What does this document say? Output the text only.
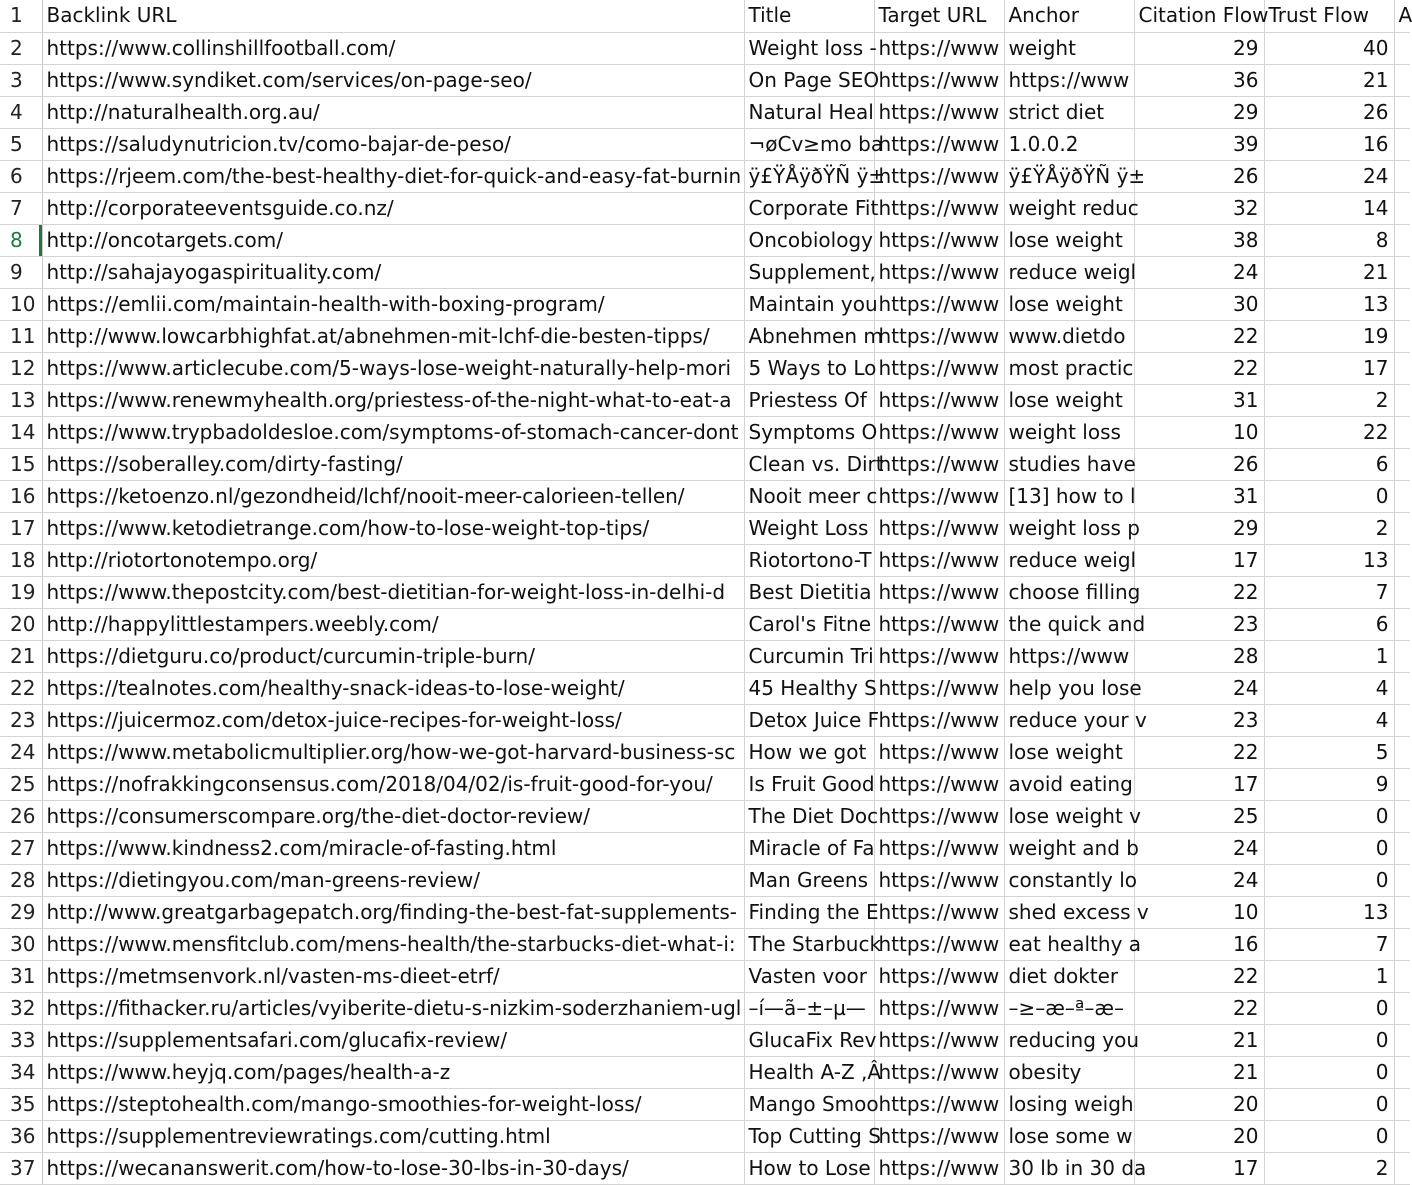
1	Backlink URL	Title	Target URL	Anchor	Citation Flow	Trust Flow	A
2	https://www.collinshillfootball.com/	Weight loss -	https://www	weight	29	40	
3	https://www.syndiket.com/services/on-page-seo/	On Page SEO	https://www	https://www	36	21	
4	http://naturalhealth.org.au/	Natural Heal	https://www	strict diet	29	26	
5	https://saludynutricion.tv/como-bajar-de-peso/	¬øCv≥mo ba	https://www	1.0.0.2	39	16	
6	https://rjeem.com/the-best-healthy-diet-for-quick-and-easy-fat-burnin	ÿ£ŸÅÿðŸÑ ÿ±	https://www	ÿ£ŸÅÿðŸÑ ÿ±	26	24	
7	http://corporateeventsguide.co.nz/	Corporate Fit	https://www	weight reduc	32	14	
8	http://oncotargets.com/	Oncobiology	https://www	lose weight	38	8	
9	http://sahajayogaspirituality.com/	Supplement,	https://www	reduce weigl	24	21	
10	https://emlii.com/maintain-health-with-boxing-program/	Maintain you	https://www	lose weight	30	13	
11	http://www.lowcarbhighfat.at/abnehmen-mit-lchf-die-besten-tipps/	Abnehmen m	https://www	www.dietdo	22	19	
12	https://www.articlecube.com/5-ways-lose-weight-naturally-help-mori	5 Ways to Lo	https://www	most practic	22	17	
13	https://www.renewmyhealth.org/priestess-of-the-night-what-to-eat-a	Priestess Of	https://www	lose weight	31	2	
14	https://www.trypbadoldesloe.com/symptoms-of-stomach-cancer-dont	Symptoms O	https://www	weight loss	10	22	
15	https://soberalley.com/dirty-fasting/	Clean vs. Dirt	https://www	studies have	26	6	
16	https://ketoenzo.nl/gezondheid/lchf/nooit-meer-calorieen-tellen/	Nooit meer c	https://www	[13] how to l	31	0	
17	https://www.ketodietrange.com/how-to-lose-weight-top-tips/	Weight Loss	https://www	weight loss p	29	2	
18	http://riotortonotempo.org/	Riotortono-T	https://www	reduce weigl	17	13	
19	https://www.thepostcity.com/best-dietitian-for-weight-loss-in-delhi-d	Best Dietitia	https://www	choose filling	22	7	
20	http://happylittlestampers.weebly.com/	Carol's Fitne	https://www	the quick and	23	6	
21	https://dietguru.co/product/curcumin-triple-burn/	Curcumin Tri	https://www	https://www	28	1	
22	https://tealnotes.com/healthy-snack-ideas-to-lose-weight/	45 Healthy S	https://www	help you lose	24	4	
23	https://juicermoz.com/detox-juice-recipes-for-weight-loss/	Detox Juice F	https://www	reduce your v	23	4	
24	https://www.metabolicmultiplier.org/how-we-got-harvard-business-sc	How we got	https://www	lose weight	22	5	
25	https://nofrakkingconsensus.com/2018/04/02/is-fruit-good-for-you/	Is Fruit Good	https://www	avoid eating	17	9	
26	https://consumerscompare.org/the-diet-doctor-review/	The Diet Doc	https://www	lose weight v	25	0	
27	https://www.kindness2.com/miracle-of-fasting.html	Miracle of Fa	https://www	weight and b	24	0	
28	https://dietingyou.com/man-greens-review/	Man Greens	https://www	constantly lo	24	0	
29	http://www.greatgarbagepatch.org/finding-the-best-fat-supplements-	Finding the E	https://www	shed excess v	10	13	
30	https://www.mensfitclub.com/mens-health/the-starbucks-diet-what-i:	The Starbuck	https://www	eat healthy a	16	7	
31	https://metmsenvork.nl/vasten-ms-dieet-etrf/	Vasten voor	https://www	diet dokter	22	1	
32	https://fithacker.ru/articles/vyiberite-dietu-s-nizkim-soderzhaniem-ugl	–í—ã–±–µ—	https://www	–≥–æ–ª–æ–	22	0	
33	https://supplementsafari.com/glucafix-review/	GlucaFix Rev	https://www	reducing you	21	0	
34	https://www.heyjq.com/pages/health-a-z	Health A-Z ,Â	https://www	obesity	21	0	
35	https://steptohealth.com/mango-smoothies-for-weight-loss/	Mango Smoo	https://www	losing weigh	20	0	
36	https://supplementreviewratings.com/cutting.html	Top Cutting S	https://www	lose some w	20	0	
37	https://wecananswerit.com/how-to-lose-30-lbs-in-30-days/	How to Lose	https://www	30 lb in 30 da	17	2	
